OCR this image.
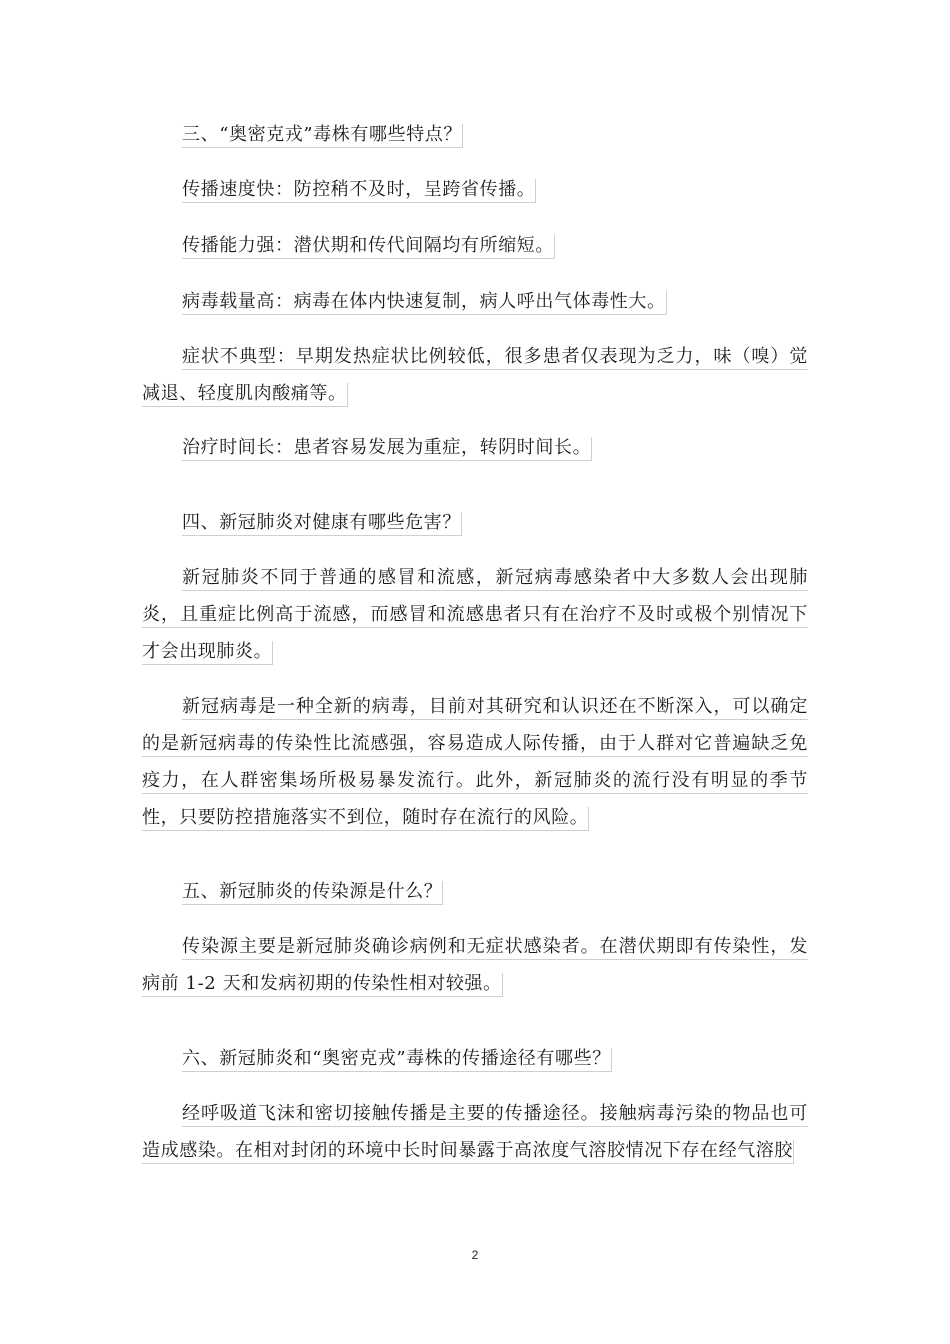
三、“奥密克戎”毒株有哪些特点？

传播速度快：防控稍不及时，呈跨省传播。

传播能力强：潜伏期和传代间隔均有所缩短。

病毒载量高：病毒在体内快速复制，病人呼出气体毒性大。

症状不典型：早期发热症状比例较低，很多患者仅表现为乏力，味（嗅）觉减退、轻度肌肉酸痛等。

治疗时间长：患者容易发展为重症，转阴时间长。

四、新冠肺炎对健康有哪些危害？

新冠肺炎不同于普通的感冒和流感，新冠病毒感染者中大多数人会出现肺炎，且重症比例高于流感，而感冒和流感患者只有在治疗不及时或极个别情况下才会出现肺炎。

新冠病毒是一种全新的病毒，目前对其研究和认识还在不断深入，可以确定的是新冠病毒的传染性比流感强，容易造成人际传播，由于人群对它普遍缺乏免疫力，在人群密集场所极易暴发流行。此外，新冠肺炎的流行没有明显的季节性，只要防控措施落实不到位，随时存在流行的风险。

五、新冠肺炎的传染源是什么？

传染源主要是新冠肺炎确诊病例和无症状感染者。在潜伏期即有传染性，发病前 1-2 天和发病初期的传染性相对较强。

六、新冠肺炎和“奥密克戎”毒株的传播途径有哪些？

经呼吸道飞沫和密切接触传播是主要的传播途径。接触病毒污染的物品也可造成感染。在相对封闭的环境中长时间暴露于高浓度气溶胶情况下存在经气溶胶

2
